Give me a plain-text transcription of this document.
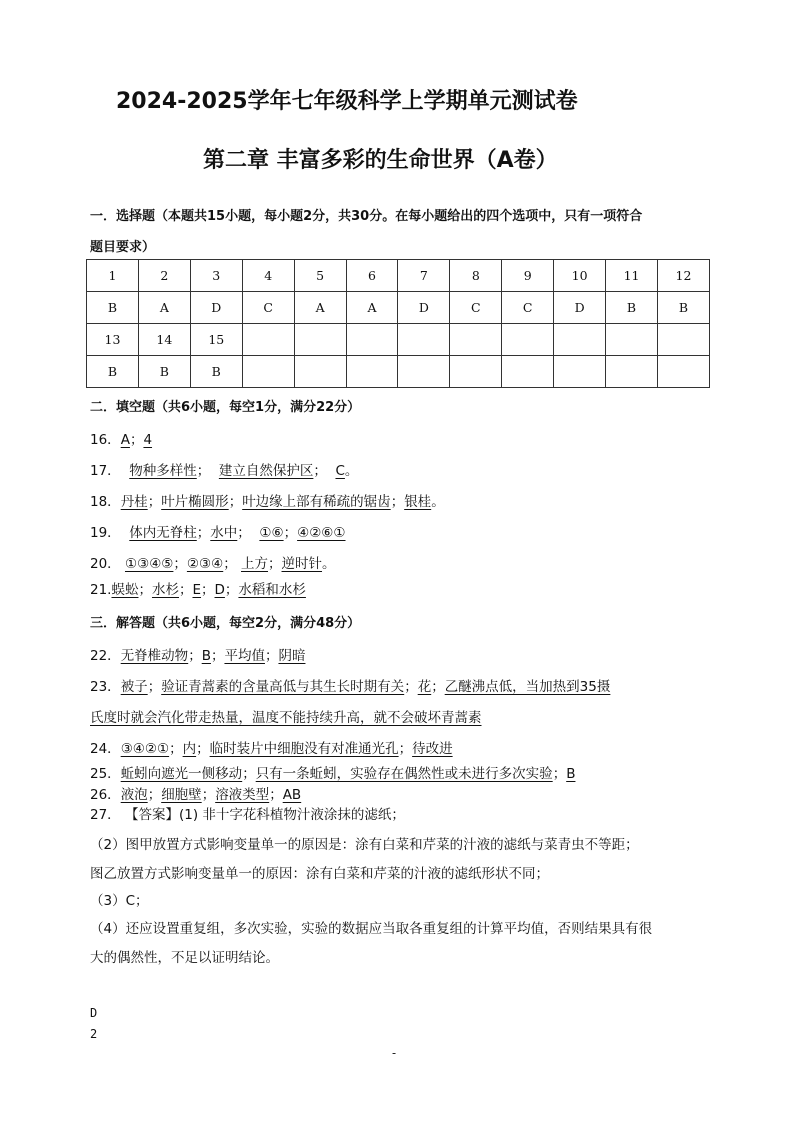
2024-2025学年七年级科学上学期单元测试卷
第二章 丰富多彩的生命世界（A卷）
一．选择题（本题共15小题，每小题2分，共30分。在每小题给出的四个选项中，只有一项符合
题目要求）
1	2	3	4	5	6	7	8	9	10	11	12
B	A	D	C	A	A	D	C	C	D	B	B
13	14	15									
B	B	B									
二．填空题（共6小题，每空1分，满分22分）
16．A；4
17． 物种多样性； 建立自然保护区； C。
18．丹桂；叶片椭圆形；叶边缘上部有稀疏的锯齿；银桂。
19． 体内无脊柱；水中； ①⑥；④②⑥①
20． ①③④⑤；②③④； 上方；逆时针。
21.蜈蚣；水杉；E；D；水稻和水杉
三．解答题（共6小题，每空2分，满分48分）
22．无脊椎动物；B；平均值；阴暗
23．被子；验证青蒿素的含量高低与其生长时期有关；花；乙醚沸点低，当加热到35摄
氏度时就会汽化带走热量，温度不能持续升高，就不会破坏青蒿素
24．③④②①；内；临时装片中细胞没有对准通光孔；待改进
25．蚯蚓向遮光一侧移动；只有一条蚯蚓，实验存在偶然性或未进行多次实验；B
26．液泡；细胞壁；溶液类型；AB
27． 【答案】(1) 非十字花科植物汁液涂抹的滤纸；
（2）图甲放置方式影响变量单一的原因是：涂有白菜和芹菜的汁液的滤纸与菜青虫不等距；
图乙放置方式影响变量单一的原因：涂有白菜和芹菜的汁液的滤纸形状不同；
（3）C；
（4）还应设置重复组，多次实验，实验的数据应当取各重复组的计算平均值，否则结果具有很
大的偶然性，不足以证明结论。
D
2
-
